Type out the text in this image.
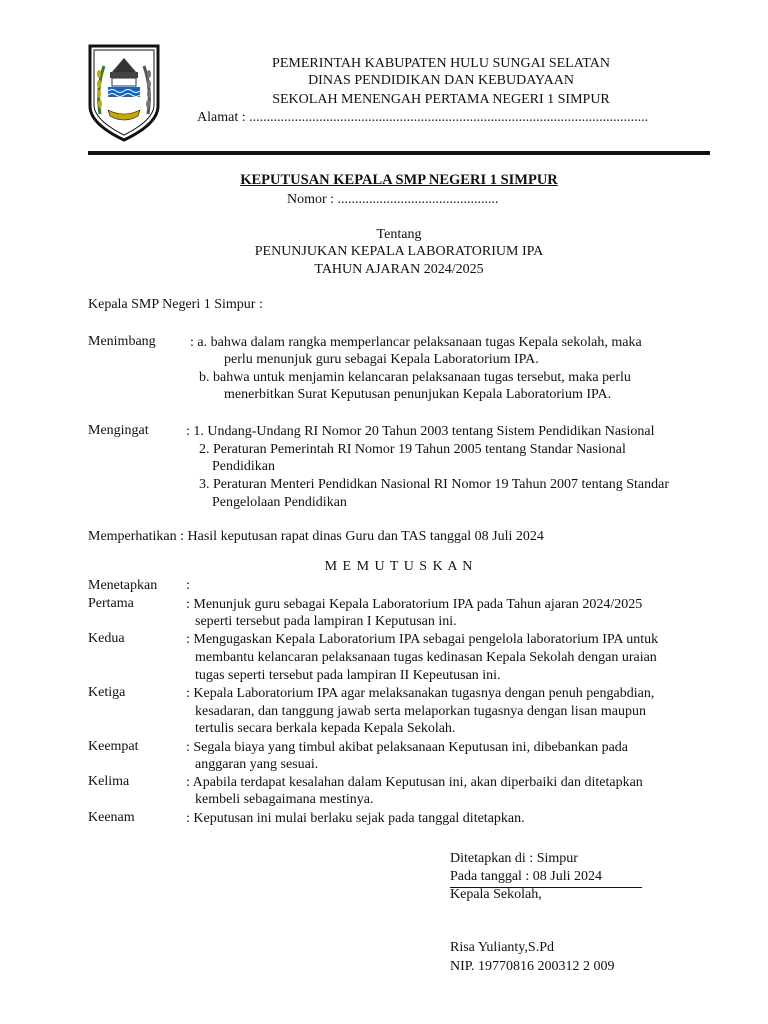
PEMERINTAH KABUPATEN HULU SUNGAI SELATAN
DINAS PENDIDIKAN DAN KEBUDAYAAN
SEKOLAH MENENGAH PERTAMA NEGERI 1 SIMPUR
Alamat : ..................................................................................................................
KEPUTUSAN KEPALA SMP NEGERI 1 SIMPUR
Nomor : ..............................................
Tentang
PENUNJUKAN KEPALA LABORATORIUM IPA
TAHUN AJARAN 2024/2025
Kepala SMP Negeri 1 Simpur :
Menimbang : a. bahwa dalam rangka memperlancar pelaksanaan tugas Kepala sekolah, maka
perlu menunjuk guru sebagai Kepala Laboratorium IPA.
b. bahwa untuk menjamin kelancaran pelaksanaan tugas tersebut, maka perlu
menerbitkan Surat Keputusan penunjukan Kepala Laboratorium IPA.
Mengingat	: 1. Undang-Undang RI Nomor 20 Tahun 2003 tentang Sistem Pendidikan Nasional
2. Peraturan Pemerintah RI Nomor 19 Tahun 2005 tentang Standar Nasional
Pendidikan
3. Peraturan Menteri Pendidkan Nasional RI Nomor 19 Tahun 2007 tentang Standar
Pengelolaan Pendidikan
Memperhatikan : Hasil keputusan rapat dinas Guru dan TAS tanggal 08 Juli 2024
M E M U T U S K A N
Menetapkan :
Pertama	: Menunjuk guru sebagai Kepala Laboratorium IPA pada Tahun ajaran 2024/2025
seperti tersebut pada lampiran I Keputusan ini.
Kedua	: Mengugaskan Kepala Laboratorium IPA sebagai pengelola laboratorium IPA untuk
membantu kelancaran pelaksanaan tugas kedinasan Kepala Sekolah dengan uraian
tugas seperti tersebut pada lampiran II Kepeutusan ini.
Ketiga	: Kepala Laboratorium IPA agar melaksanakan tugasnya dengan penuh pengabdian,
kesadaran, dan tanggung jawab serta melaporkan tugasnya dengan lisan maupun
tertulis secara berkala kepada Kepala Sekolah.
Keempat	: Segala biaya yang timbul akibat pelaksanaan Keputusan ini, dibebankan pada
anggaran yang sesuai.
Kelima	: Apabila terdapat kesalahan dalam Keputusan ini, akan diperbaiki dan ditetapkan
kembeli sebagaimana mestinya.
Keenam	: Keputusan ini mulai berlaku sejak pada tanggal ditetapkan.
Ditetapkan di : Simpur
Pada tanggal : 08 Juli 2024
Kepala Sekolah,
Risa Yulianty,S.Pd
NIP. 19770816 200312 2 009
